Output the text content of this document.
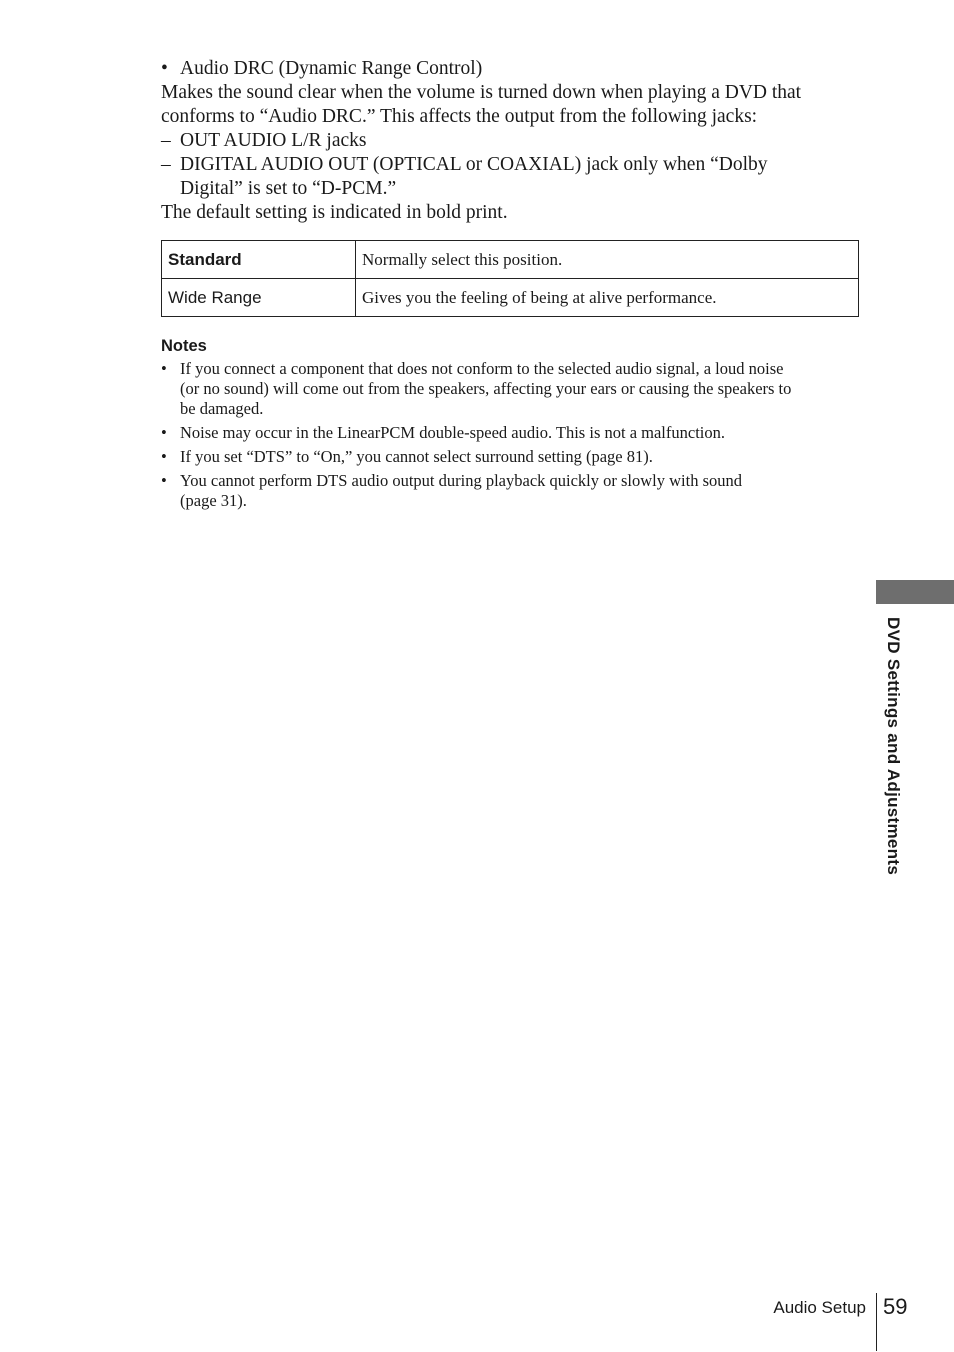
• Audio DRC (Dynamic Range Control)
Makes the sound clear when the volume is turned down when playing a DVD that
conforms to “Audio DRC.” This affects the output from the following jacks:
– OUT AUDIO L/R jacks
– DIGITAL AUDIO OUT (OPTICAL or COAXIAL) jack only when “Dolby
Digital” is set to “D-PCM.”
The default setting is indicated in bold print.
Standard	Normally select this position.
Wide Range	Gives you the feeling of being at alive performance.
Notes
• If you connect a component that does not conform to the selected audio signal, a loud noise
(or no sound) will come out from the speakers, affecting your ears or causing the speakers to
be damaged.
• Noise may occur in the LinearPCM double-speed audio. This is not a malfunction.
• If you set “DTS” to “On,” you cannot select surround setting (page 81).
• You cannot perform DTS audio output during playback quickly or slowly with sound
(page 31).
DVD Settings and Adjustments
Audio Setup 59
